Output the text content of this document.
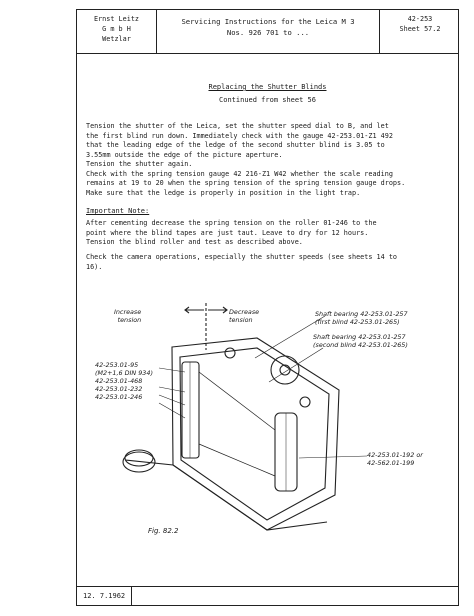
Ernst Leitz
G m b H
Wetzlar
Servicing Instructions for the Leica M 3
Nos. 926 701 to ...
42-253
Sheet 57.2
Replacing the Shutter Blinds
Continued from sheet 56
Tension the shutter of the Leica, set the shutter speed dial to B, and let
the first blind run down. Immediately check with the gauge 42-253.01-Z1 492
that the leading edge of the ledge of the second shutter blind is 3.05 to
3.55mm outside the edge of the picture aperture.
Tension the shutter again.
Check with the spring tension gauge 42 216-Z1 W42 whether the scale reading
remains at 19 to 20 when the spring tension of the spring tension gauge drops.
Make sure that the ledge is properly in position in the light trap.
Important Note:
After cementing decrease the spring tension on the roller 01-246 to the
point where the blind tapes are just taut. Leave to dry for 12 hours.
Tension the blind roller and test as described above.
Check the camera operations, especially the shutter speeds (see sheets 14 to
16).
Increase
tension
Decrease
tension
Shaft bearing 42-253.01-257
(first blind 42-253.01-265)
Shaft bearing 42-253.01-257
(second blind 42-253.01-265)
42-253.01-95
(M2+1,6 DIN 934)
42-253.01-468
42-253.01-232
42-253.01-246
42-253.01-192 or
42-562.01-199
Fig. 82.2
12. 7.1962
